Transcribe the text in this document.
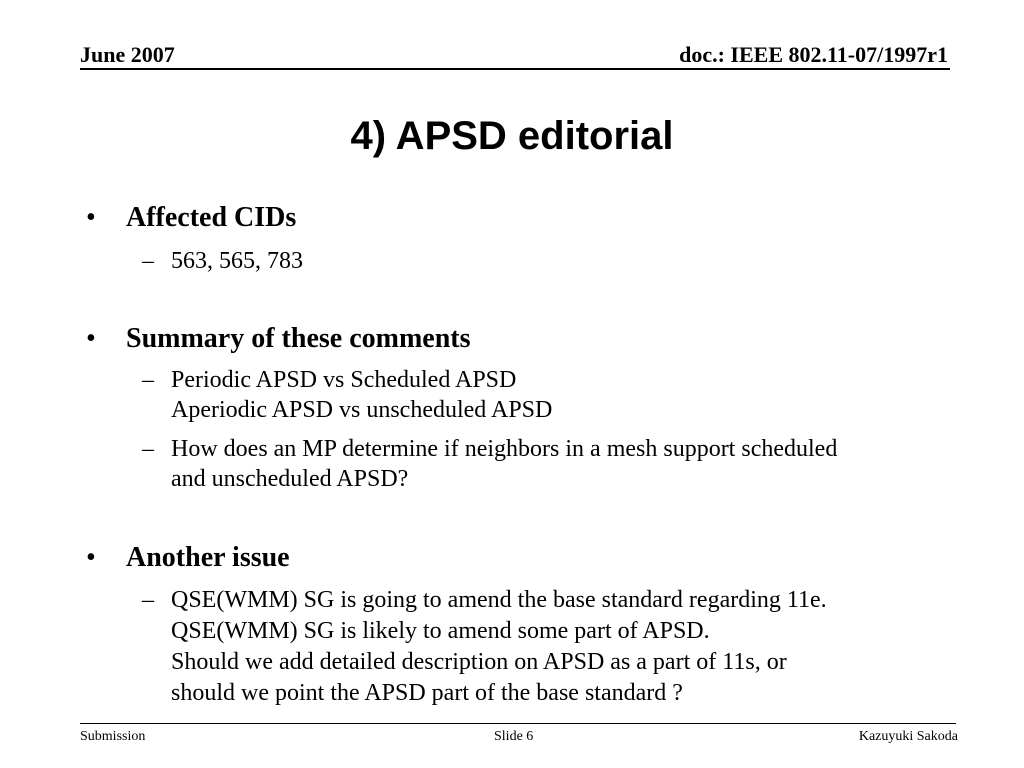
June 2007	doc.: IEEE 802.11-07/1997r1
4) APSD editorial
• Affected CIDs
– 563, 565, 783
• Summary of these comments
– Periodic APSD vs Scheduled APSD
Aperiodic APSD vs unscheduled APSD
– How does an MP determine if neighbors in a mesh support scheduled
and unscheduled APSD?
• Another issue
– QSE(WMM) SG is going to amend the base standard regarding 11e.
QSE(WMM) SG is likely to amend some part of APSD.
Should we add detailed description on APSD as a part of 11s, or
should we point the APSD part of the base standard ?
Submission	Slide 6	Kazuyuki Sakoda
